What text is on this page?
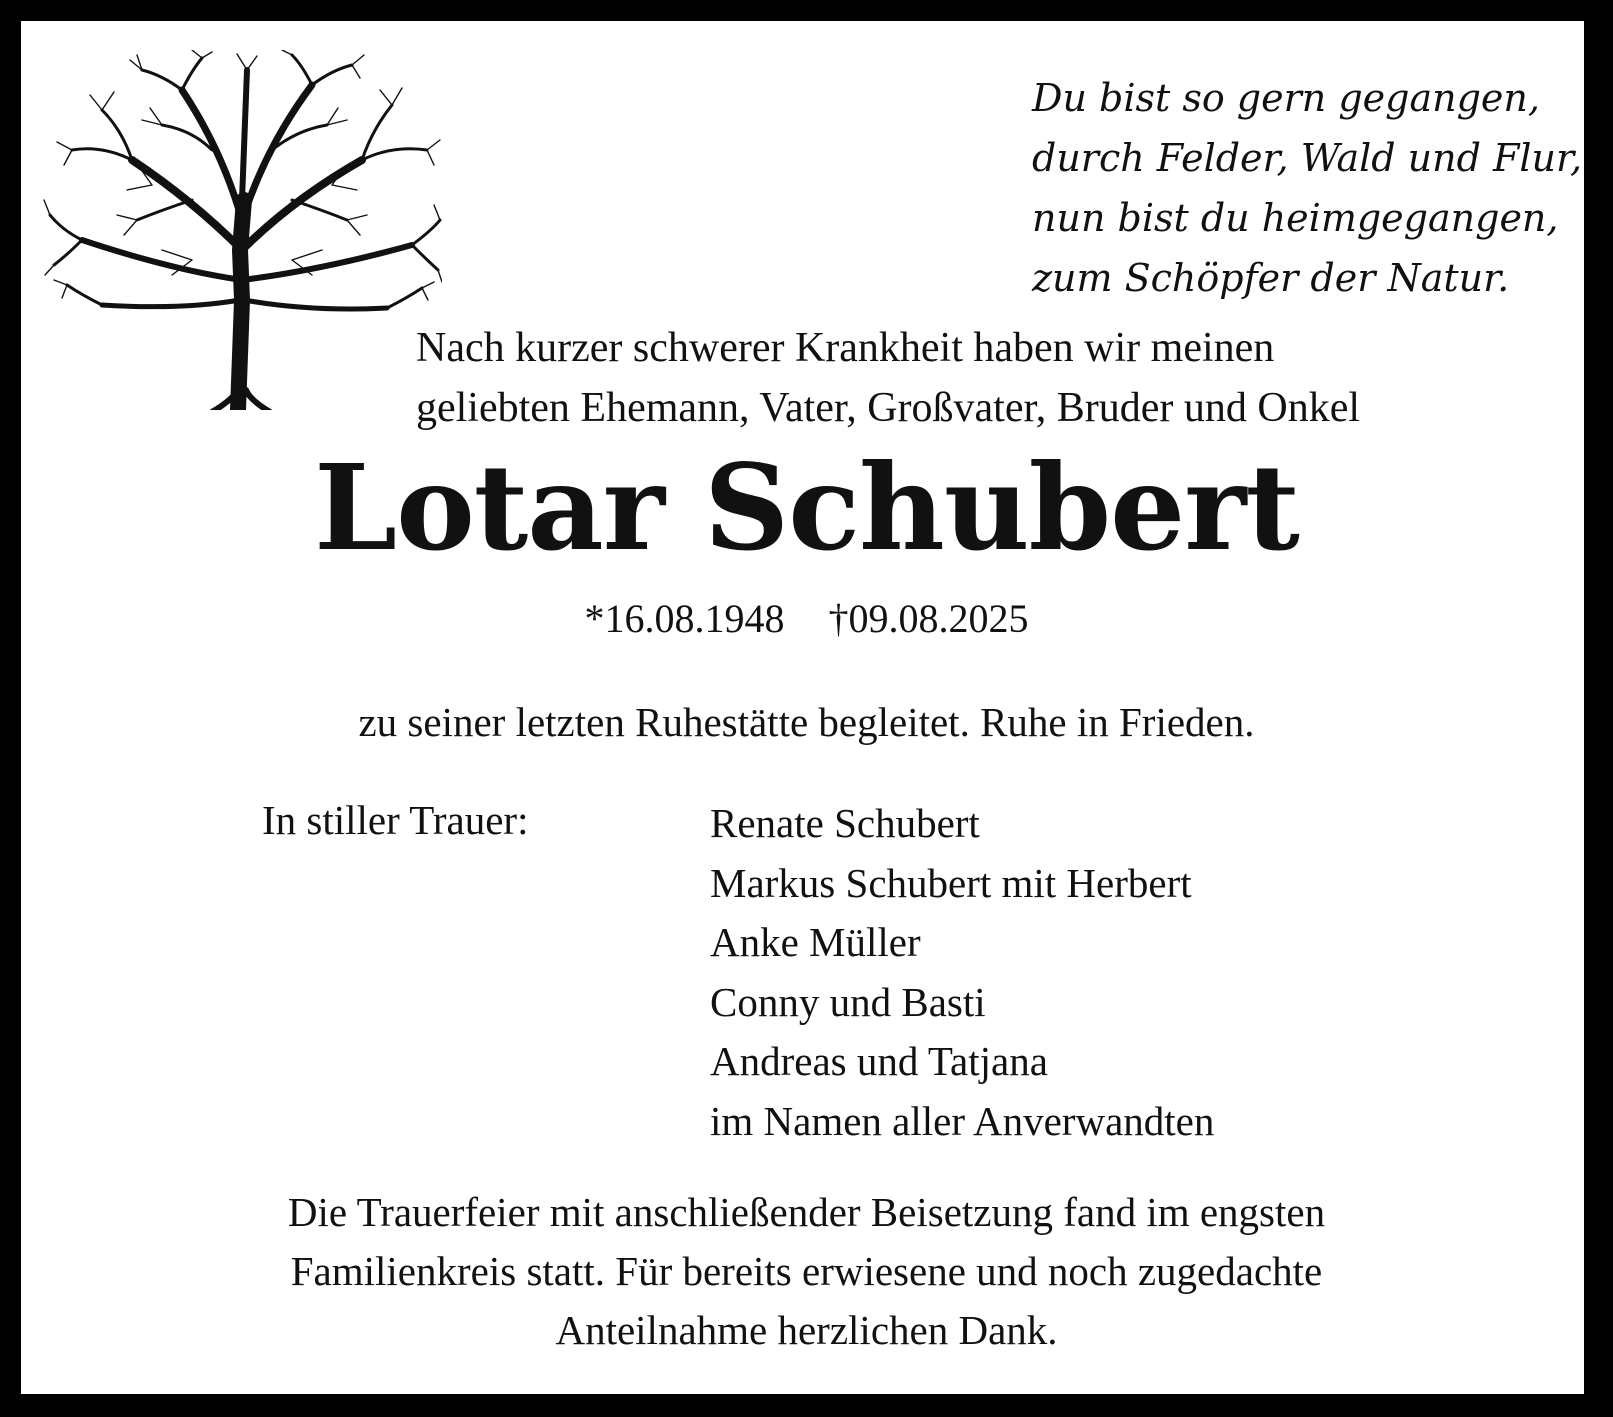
Du bist so gern gegangen,
durch Felder, Wald und Flur,
nun bist du heimgegangen,
zum Schöpfer der Natur.
Nach kurzer schwerer Krankheit haben wir meinen
geliebten Ehemann, Vater, Großvater, Bruder und Onkel
Lotar Schubert
*16.08.1948 †09.08.2025
zu seiner letzten Ruhestätte begleitet. Ruhe in Frieden.
In stiller Trauer:	Renate Schubert
Markus Schubert mit Herbert
Anke Müller
Conny und Basti
Andreas und Tatjana
im Namen aller Anverwandten
Die Trauerfeier mit anschließender Beisetzung fand im engsten
Familienkreis statt. Für bereits erwiesene und noch zugedachte
Anteilnahme herzlichen Dank.
